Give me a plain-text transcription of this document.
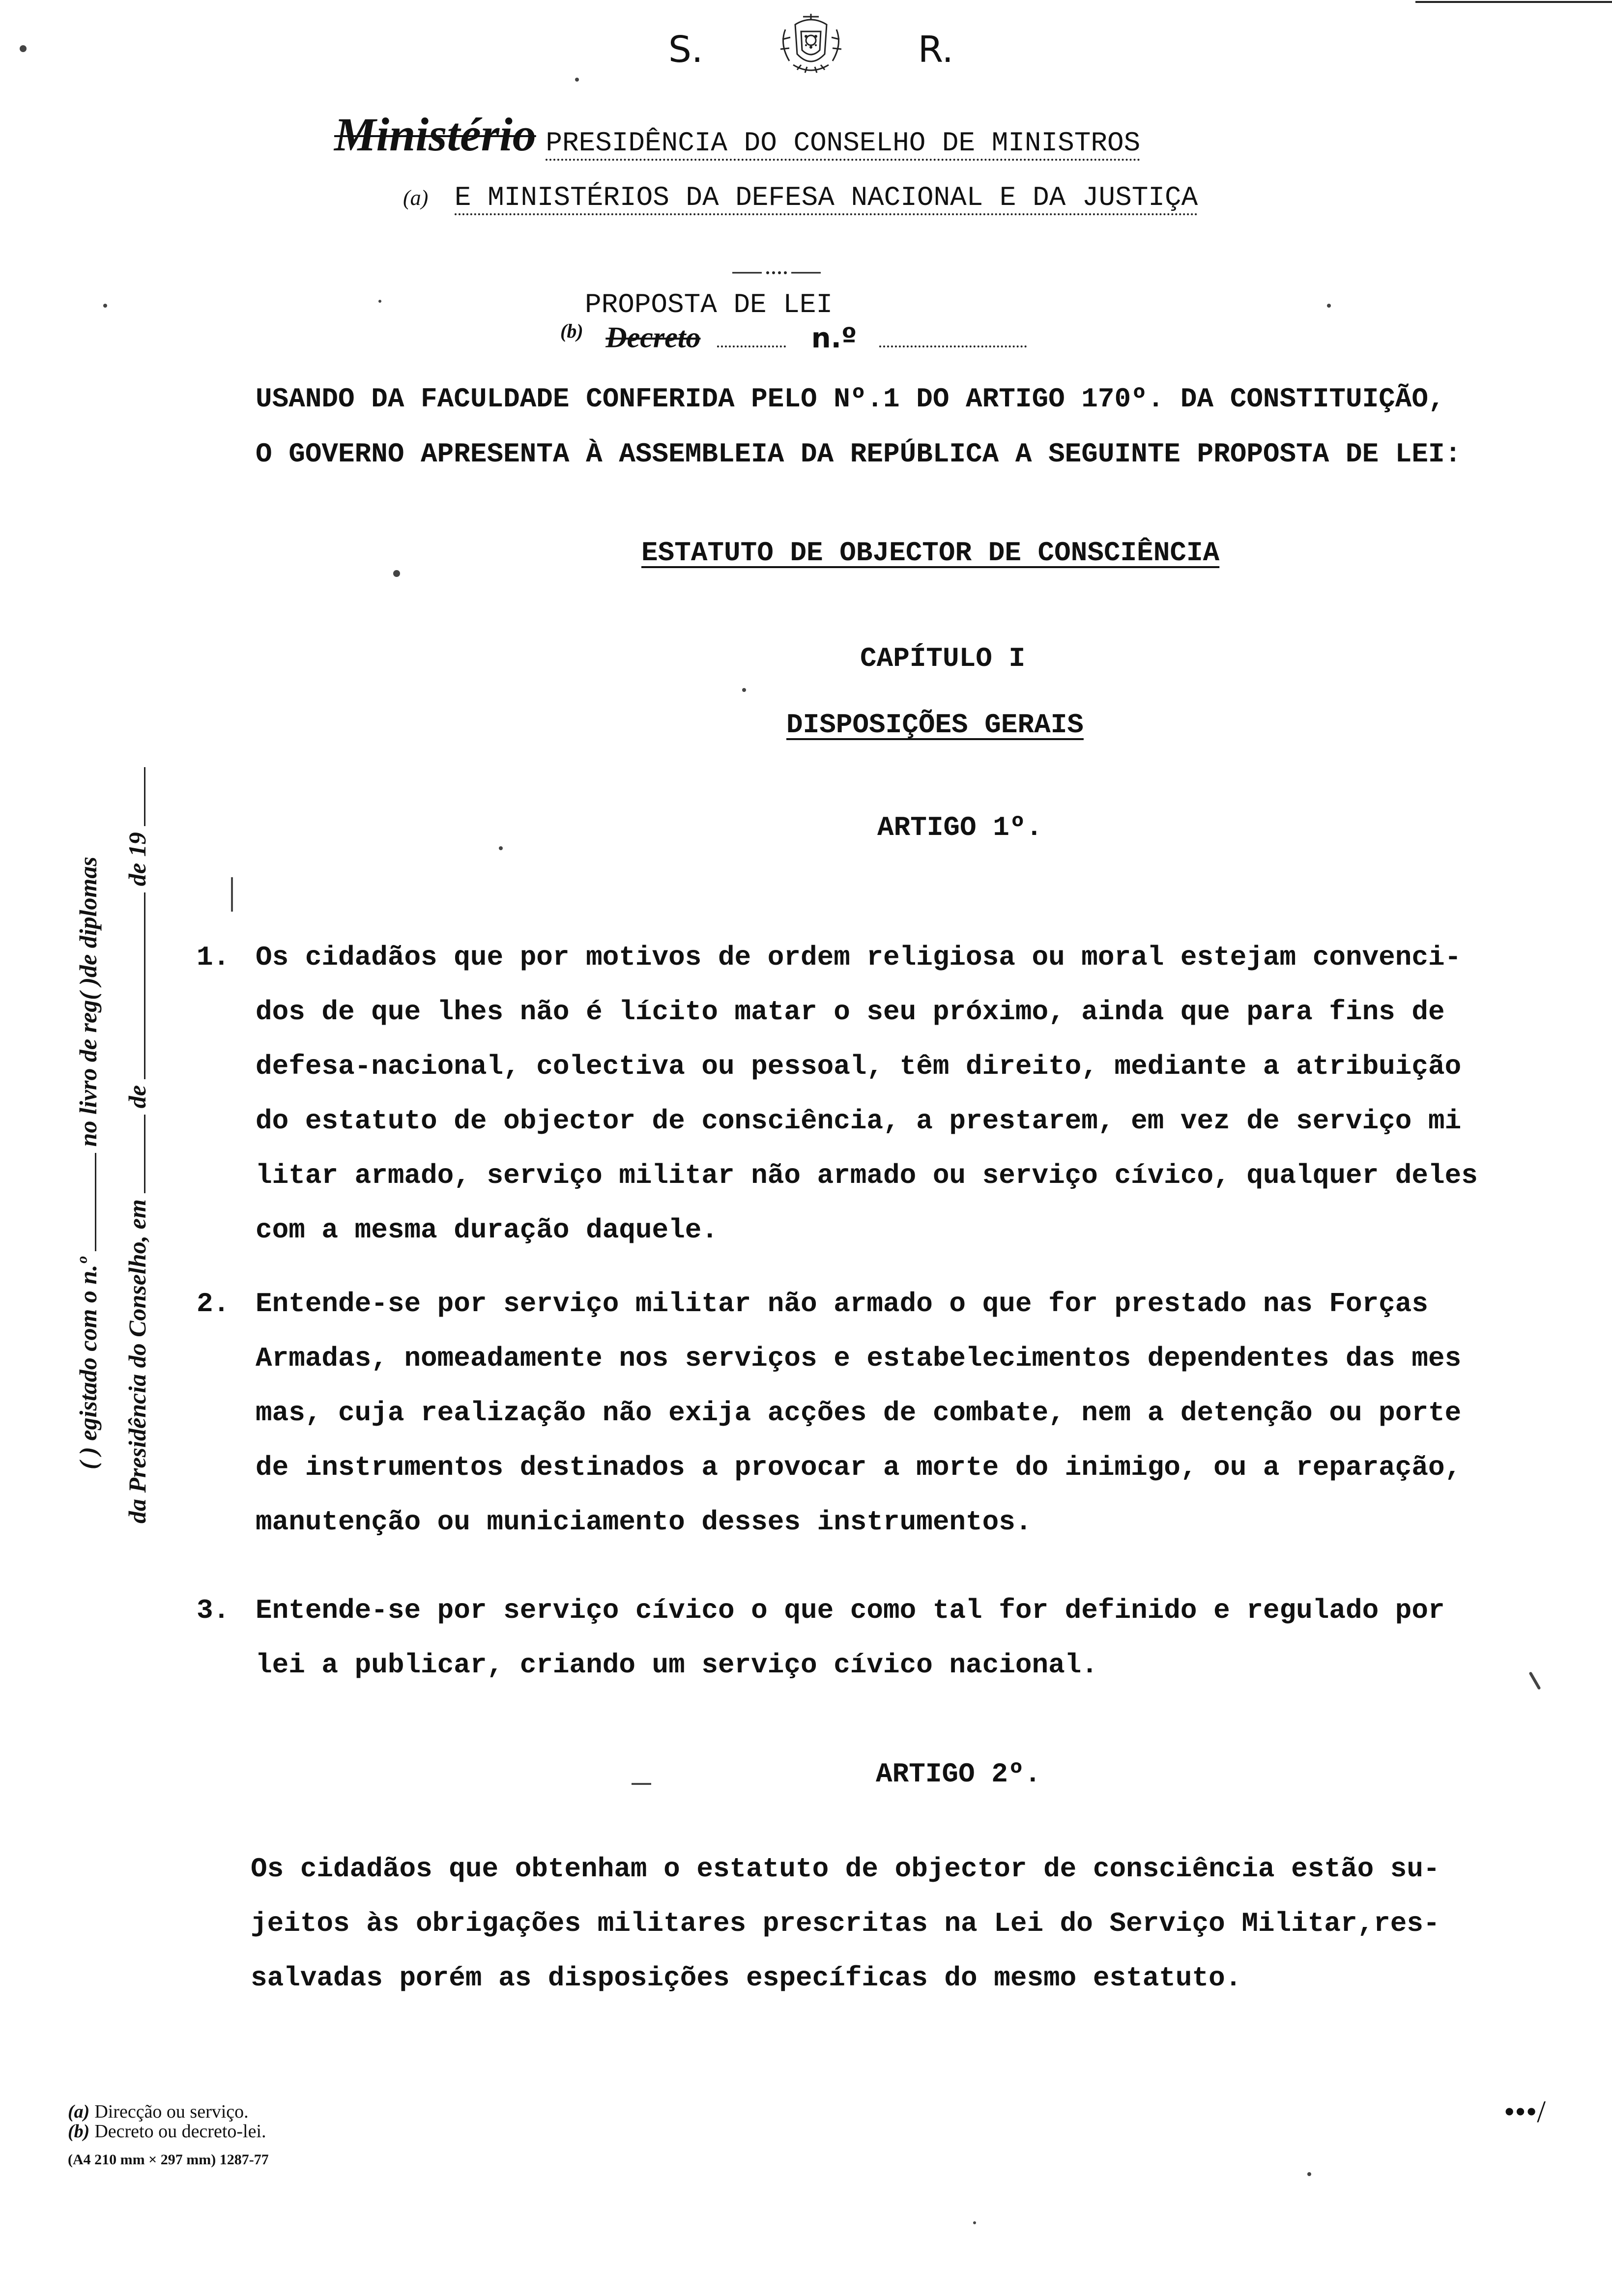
S.	R.
Ministério PRESIDÊNCIA DO CONSELHO DE MINISTROS
(a) E MINISTÉRIOS DA DEFESA NACIONAL E DA JUSTIÇA
PROPOSTA DE LEI
$^{(b)}$ Decreto	n.º
USANDO DA FACULDADE CONFERIDA PELO Nº.1 DO ARTIGO 170º. DA CONSTITUIÇÃO,
O GOVERNO APRESENTA À ASSEMBLEIA DA REPÚBLICA A SEGUINTE PROPOSTA DE LEI:
ESTATUTO DE OBJECTOR DE CONSCIÊNCIA
CAPÍTULO I
DISPOSIÇÕES GERAIS
ARTIGO 1º.
1. Os cidadãos que por motivos de ordem religiosa ou moral estejam convenci-
dos de que lhes não é lícito matar o seu próximo, ainda que para fins de
defesa-nacional, colectiva ou pessoal, têm direito, mediante a atribuição
do estatuto de objector de consciência, a prestarem, em vez de serviço mi
litar armado, serviço militar não armado ou serviço cívico, qualquer deles
com a mesma duração daquele.
2. Entende-se por serviço militar não armado o que for prestado nas Forças
Armadas, nomeadamente nos serviços e estabelecimentos dependentes das mes
mas, cuja realização não exija acções de combate, nem a detenção ou porte
de instrumentos destinados a provocar a morte do inimigo, ou a reparação,
manutenção ou municiamento desses instrumentos.
3. Entende-se por serviço cívico o que como tal for definido e regulado por
lei a publicar, criando um serviço cívico nacional.
ARTIGO 2º.
Os cidadãos que obtenham o estatuto de objector de consciência estão su-
jeitos às obrigações militares prescritas na Lei do Serviço Militar,res-
salvadas porém as disposições específicas do mesmo estatuto.
( ) egistado com o n.º  no livro de reg( )de diplomas
da Presidência do Conselho, em  de  de 19
(a) Direcção ou serviço.
(b) Decreto ou decreto-lei.
(A4 210 mm × 297 mm) 1287-77
•••/
